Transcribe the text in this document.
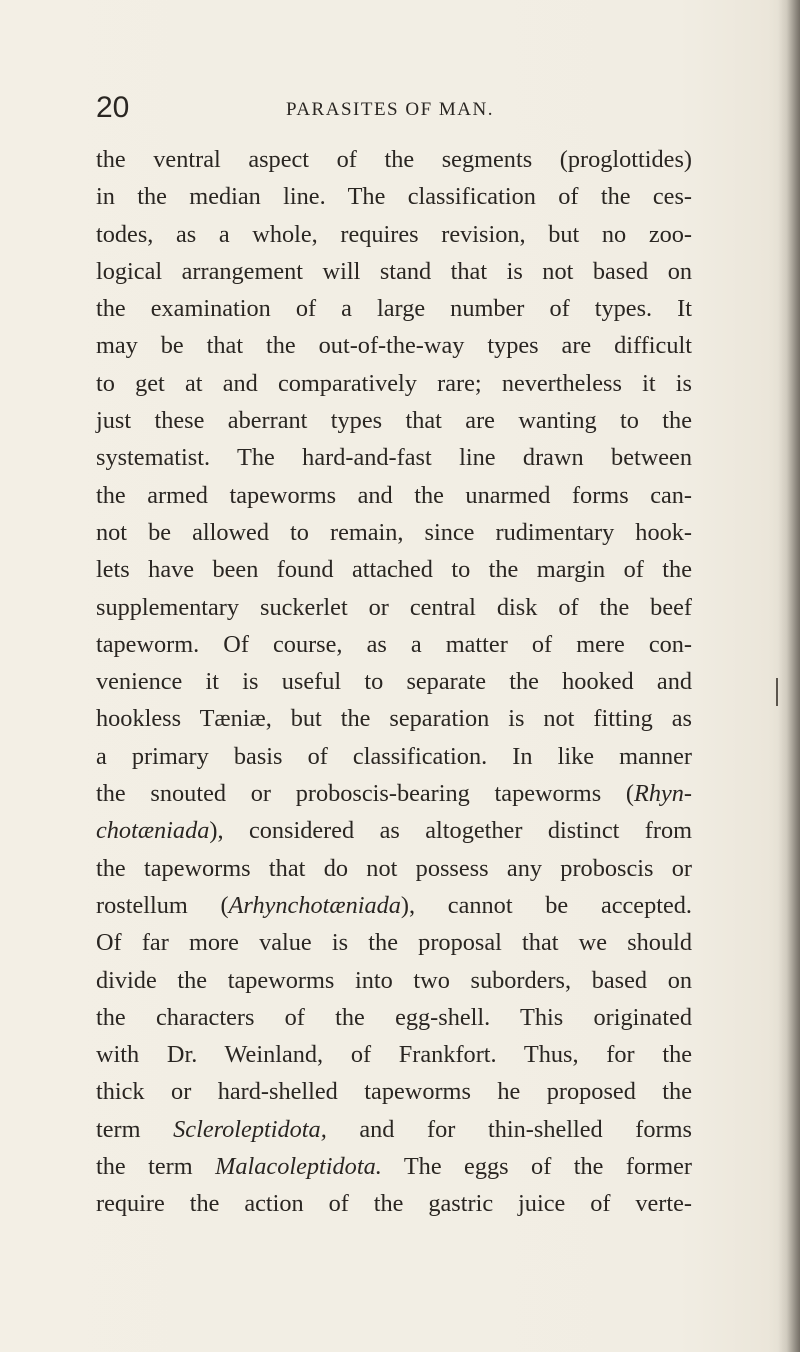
20	PARASITES OF MAN.
the ventral aspect of the segments (proglottides)
in the median line. The classification of the ces-
todes, as a whole, requires revision, but no zoo-
logical arrangement will stand that is not based on
the examination of a large number of types. It
may be that the out-of-the-way types are difficult
to get at and comparatively rare; nevertheless it is
just these aberrant types that are wanting to the
systematist. The hard-and-fast line drawn between
the armed tapeworms and the unarmed forms can-
not be allowed to remain, since rudimentary hook-
lets have been found attached to the margin of the
supplementary suckerlet or central disk of the beef
tapeworm. Of course, as a matter of mere con-
venience it is useful to separate the hooked and
hookless Tæniæ, but the separation is not fitting as
a primary basis of classification. In like manner
the snouted or proboscis-bearing tapeworms (Rhyn-
chotæniada), considered as altogether distinct from
the tapeworms that do not possess any proboscis or
rostellum (Arhynchotæniada), cannot be accepted.
Of far more value is the proposal that we should
divide the tapeworms into two suborders, based on
the characters of the egg-shell. This originated
with Dr. Weinland, of Frankfort. Thus, for the
thick or hard-shelled tapeworms he proposed the
term Scleroleptidota, and for thin-shelled forms
the term Malacoleptidota. The eggs of the former
require the action of the gastric juice of verte-
